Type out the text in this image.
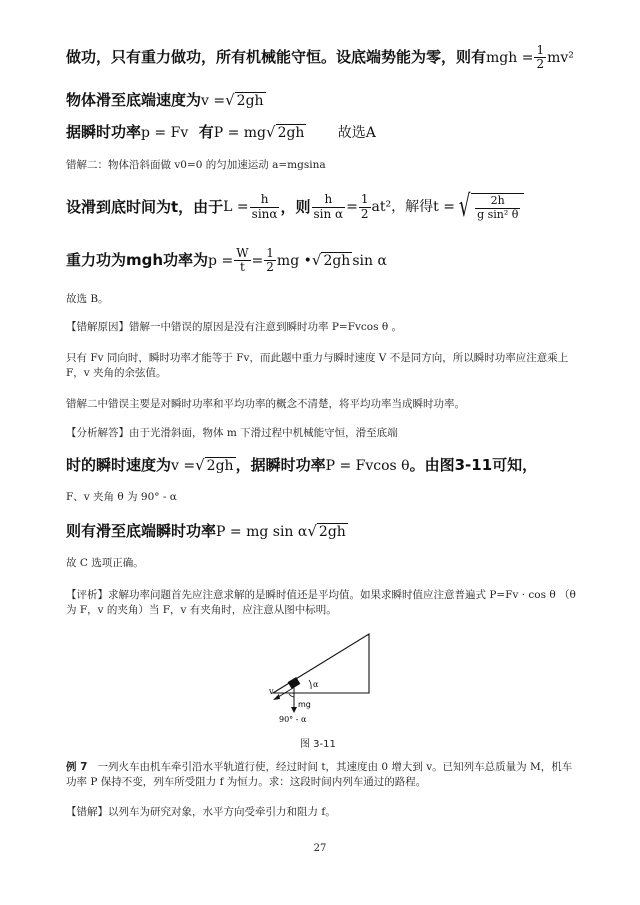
做功，只有重力做功，所有机械能守恒。设底端势能为零，则有mgh = $\frac{1}{2} mv^2$
物体滑至底端速度为v =√ 2gh
据瞬时功率p = Fv 有P = mg√ 2gh 故选A
错解二：物体沿斜面做 v0=0 的匀加速运动 a=mgsina
设滑到底时间为t，由于 $L = \frac{h}{\sin\alpha}$ ，则 $\frac{h}{\text{sin α}} = \frac{1}{2} at^2$，解得 t = √ $\frac{2h}{\text{g sin² θ}}$
重力功为mgh功率为 $p = \frac{W}{t} = \frac{1}{2}$ mg • √ 2gh sin α
故选 B。
【错解原因】错解一中错误的原因是没有注意到瞬时功率 P=Fvcos θ 。
只有 Fv 同向时，瞬时功率才能等于 Fv，而此题中重力与瞬时速度 V 不是同方向，所以瞬时功率应注意乘上 F，v 夹角的余弦值。
错解二中错误主要是对瞬时功率和平均功率的概念不清楚，将平均功率当成瞬时功率。
【分析解答】由于光滑斜面，物体 m 下滑过程中机械能守恒，滑至底端
时的瞬时速度为v =√ 2gh ，据瞬时功率P = Fvcos θ。由图3-11可知，
F、v 夹角 θ 为 90° - α
则有滑至底端瞬时功率P = mg sin α√ 2gh
故 C 选项正确。
【评析】求解功率问题首先应注意求解的是瞬时值还是平均值。如果求瞬时值应注意普遍式 P=Fv · cos θ （θ 为 F，v 的夹角）当 F，v 有夹角时，应注意从图中标明。
α
v
mg
90° - α
图 3-11
例 7 一列火车由机车牵引沿水平轨道行使，经过时间 t，其速度由 0 增大到 v。已知列车总质量为 M，机车功率 P 保持不变，列车所受阻力 f 为恒力。求：这段时间内列车通过的路程。
【错解】以列车为研究对象，水平方向受牵引力和阻力 f。
27
